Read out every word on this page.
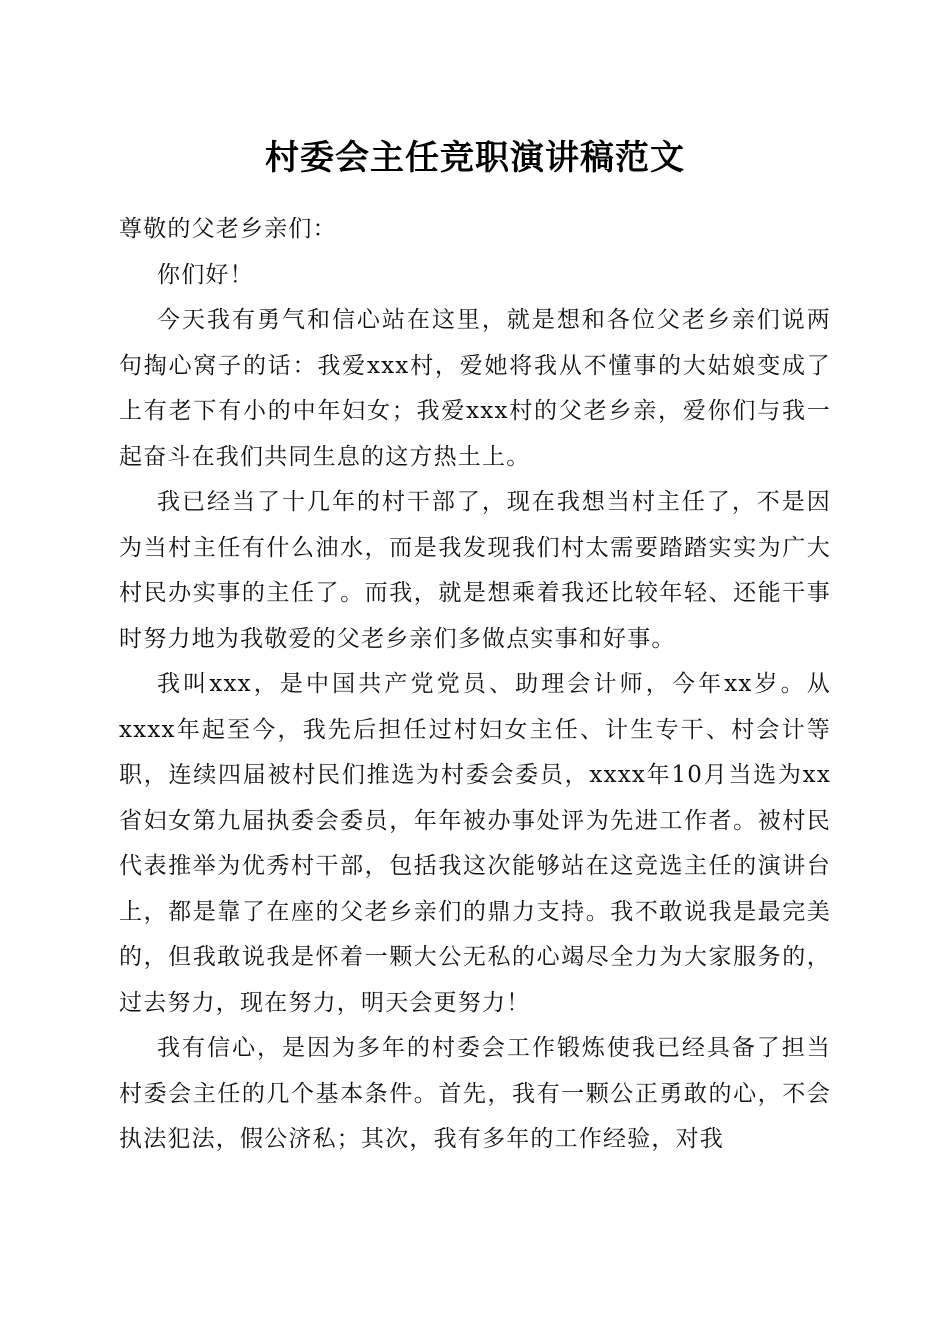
村委会主任竞职演讲稿范文

尊敬的父老乡亲们：

你们好！

今天我有勇气和信心站在这里，就是想和各位父老乡亲们说两句掏心窝子的话：我爱xxx村，爱她将我从不懂事的大姑娘变成了上有老下有小的中年妇女；我爱xxx村的父老乡亲，爱你们与我一起奋斗在我们共同生息的这方热土上。

我已经当了十几年的村干部了，现在我想当村主任了，不是因为当村主任有什么油水，而是我发现我们村太需要踏踏实实为广大村民办实事的主任了。而我，就是想乘着我还比较年轻、还能干事时努力地为我敬爱的父老乡亲们多做点实事和好事。

我叫xxx，是中国共产党党员、助理会计师，今年xx岁。从xxxx年起至今，我先后担任过村妇女主任、计生专干、村会计等职，连续四届被村民们推选为村委会委员，xxxx年10月当选为xx省妇女第九届执委会委员，年年被办事处评为先进工作者。被村民代表推举为优秀村干部，包括我这次能够站在这竞选主任的演讲台上，都是靠了在座的父老乡亲们的鼎力支持。我不敢说我是最完美的，但我敢说我是怀着一颗大公无私的心竭尽全力为大家服务的，过去努力，现在努力，明天会更努力！

我有信心，是因为多年的村委会工作锻炼使我已经具备了担当村委会主任的几个基本条件。首先，我有一颗公正勇敢的心，不会执法犯法，假公济私；其次，我有多年的工作经验，对我
